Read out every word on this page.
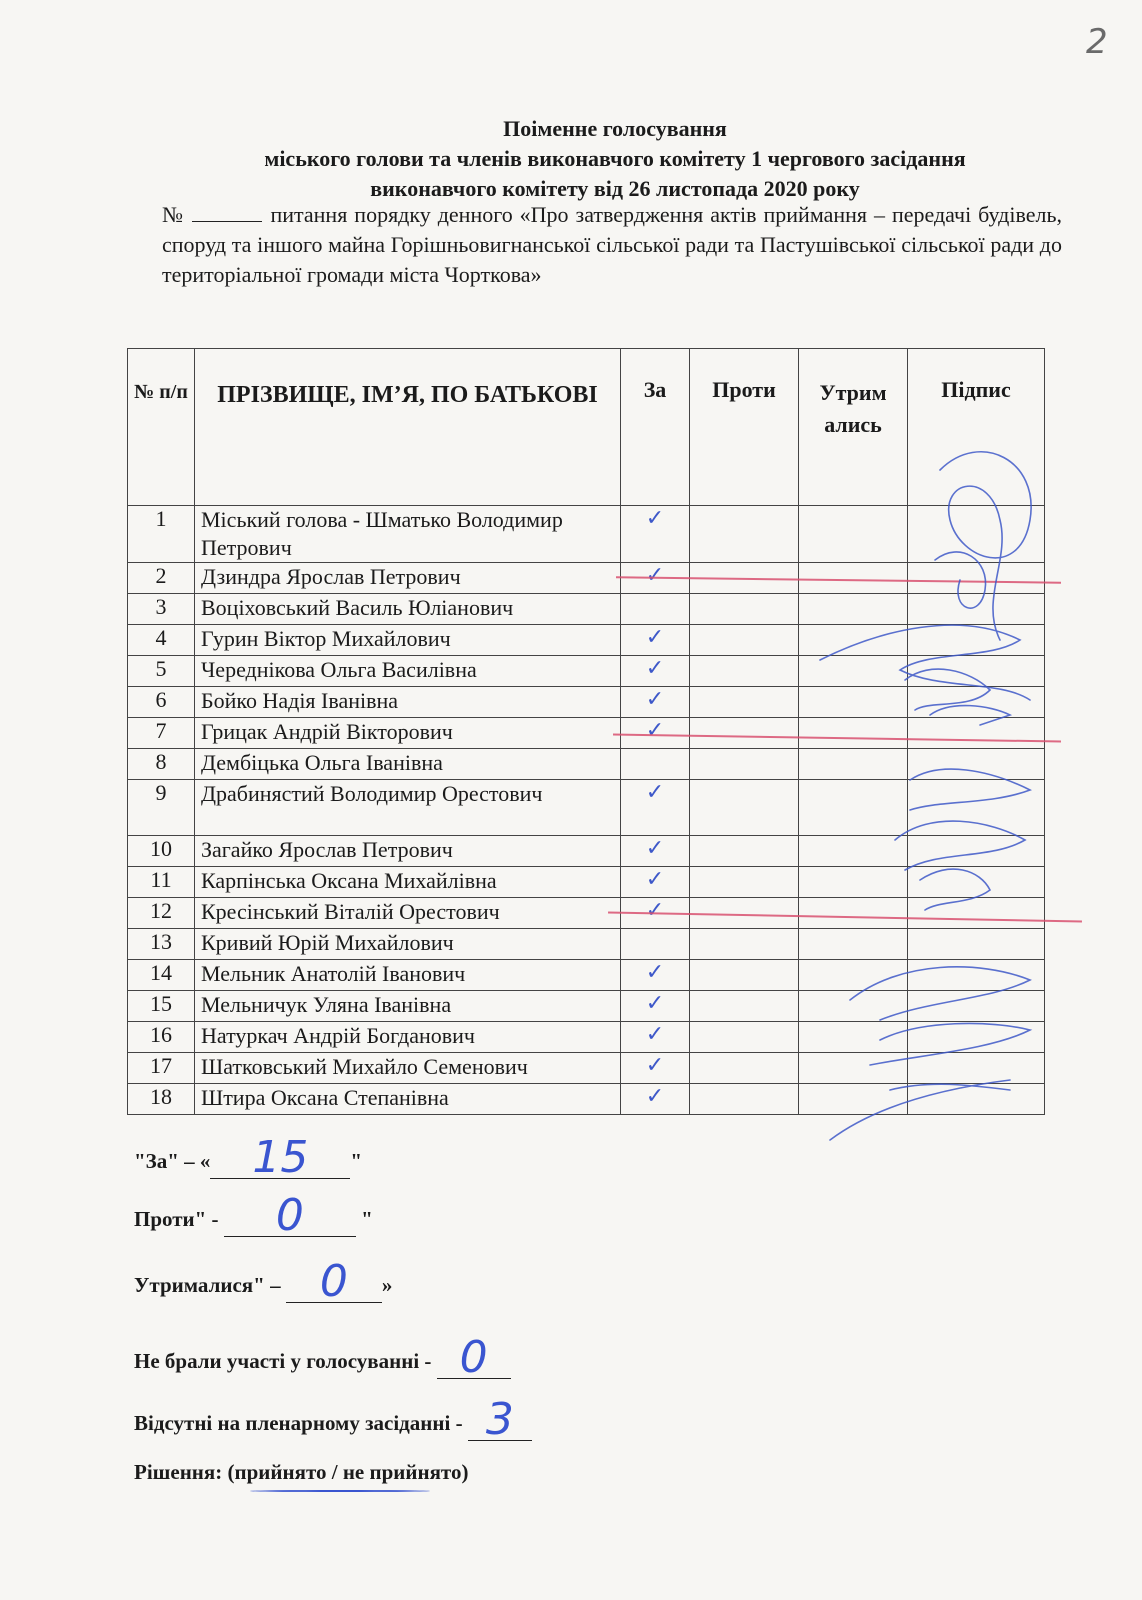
2
Поіменне голосування
міського голови та членів виконавчого комітету 1 чергового засідання
виконавчого комітету від 26 листопада 2020 року
№	питання порядку денного «Про затвердження актів приймання – передачі будівель, споруд та іншого майна Горішньовигнанської сільської ради та Пастушівської сільської ради до територіальної громади міста Чорткова»
№ п/п	ПРІЗВИЩЕ, ІМ’Я, ПО БАТЬКОВІ	За	Проти	Утрим ались	Підпис
1	Міський голова - Шматько Володимир Петрович	✓			
2	Дзиндра Ярослав Петрович	✓			
3	Воціховський Василь Юліанович				
4	Гурин Віктор Михайлович	✓			
5	Череднікова Ольга Василівна	✓			
6	Бойко Надія Іванівна	✓			
7	Грицак Андрій Вікторович	✓			
8	Дембіцька Ольга Іванівна				
9	Драбинястий Володимир Орестович	✓			
10	Загайко Ярослав Петрович	✓			
11	Карпінська Оксана Михайлівна	✓			
12	Кресінський Віталій Орестович	✓			
13	Кривий Юрій Михайлович				
14	Мельник Анатолій Іванович	✓			
15	Мельничук Уляна Іванівна	✓			
16	Натуркач Андрій Богданович	✓			
17	Шатковський Михайло Семенович	✓			
18	Штира Оксана Степанівна	✓			
"За" – « 15 "
Проти" - 0	"
Утрималися" – 0 »
Не брали участі у голосуванні - 0
Відсутні на пленарному засіданні - 3
Рішення: (прийнято / не прийнято)
